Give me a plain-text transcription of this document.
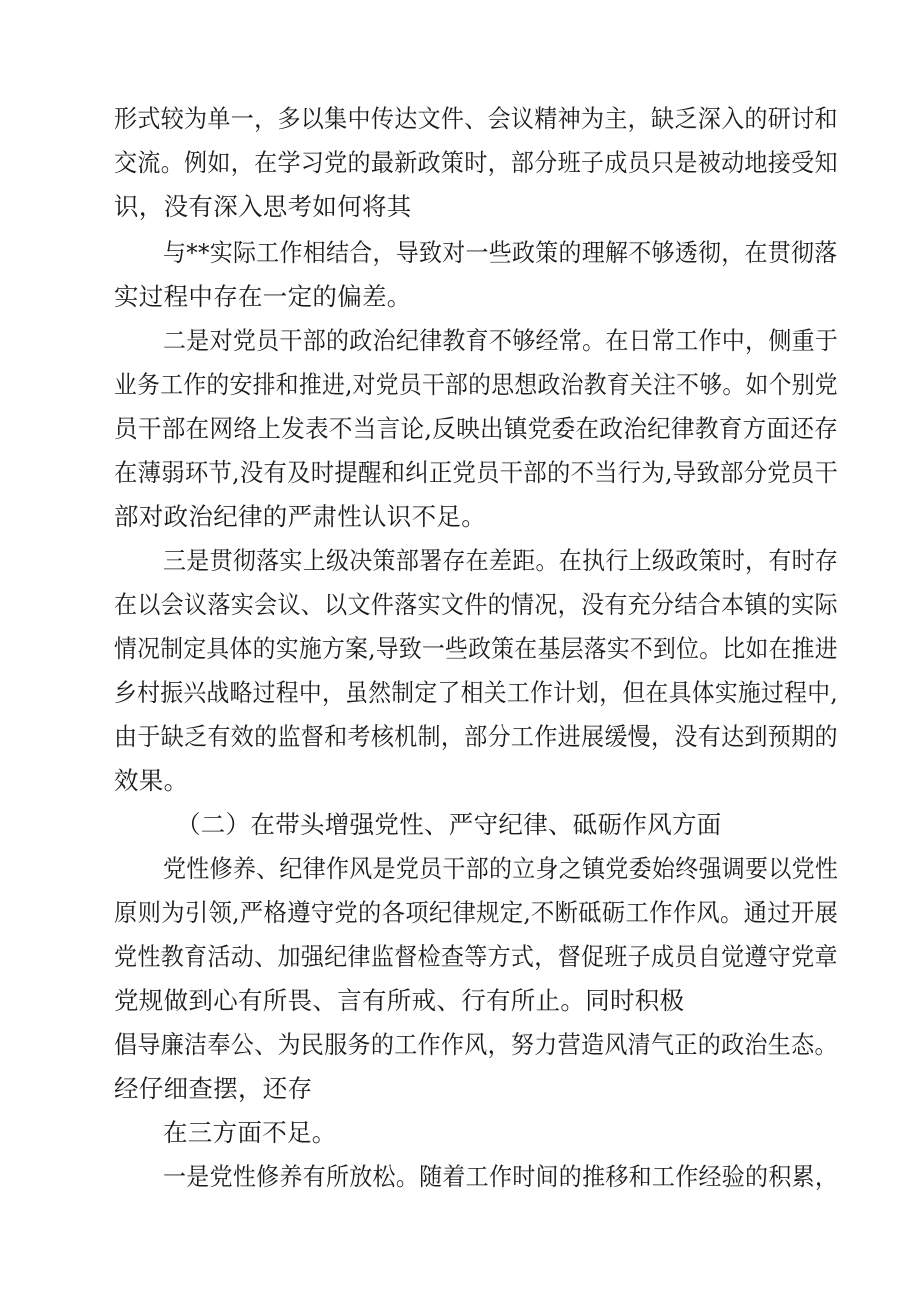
形式较为单一，多以集中传达文件、会议精神为主，缺乏深入的研讨和

交流。例如，在学习党的最新政策时，部分班子成员只是被动地接受知

识，没有深入思考如何将其

与**实际工作相结合，导致对一些政策的理解不够透彻，在贯彻落

实过程中存在一定的偏差。

二是对党员干部的政治纪律教育不够经常。在日常工作中，侧重于

业务工作的安排和推进,对党员干部的思想政治教育关注不够。如个别党

员干部在网络上发表不当言论,反映出镇党委在政治纪律教育方面还存

在薄弱环节,没有及时提醒和纠正党员干部的不当行为,导致部分党员干

部对政治纪律的严肃性认识不足。

三是贯彻落实上级决策部署存在差距。在执行上级政策时，有时存

在以会议落实会议、以文件落实文件的情况，没有充分结合本镇的实际

情况制定具体的实施方案,导致一些政策在基层落实不到位。比如在推进

乡村振兴战略过程中，虽然制定了相关工作计划，但在具体实施过程中,

由于缺乏有效的监督和考核机制，部分工作进展缓慢，没有达到预期的

效果。

（二）在带头增强党性、严守纪律、砥砺作风方面

党性修养、纪律作风是党员干部的立身之镇党委始终强调要以党性

原则为引领,严格遵守党的各项纪律规定,不断砥砺工作作风。通过开展

党性教育活动、加强纪律监督检查等方式，督促班子成员自觉遵守党章

党规做到心有所畏、言有所戒、行有所止。同时积极

倡导廉洁奉公、为民服务的工作作风，努力营造风清气正的政治生态。

经仔细查摆，还存

在三方面不足。

一是党性修养有所放松。随着工作时间的推移和工作经验的积累，
